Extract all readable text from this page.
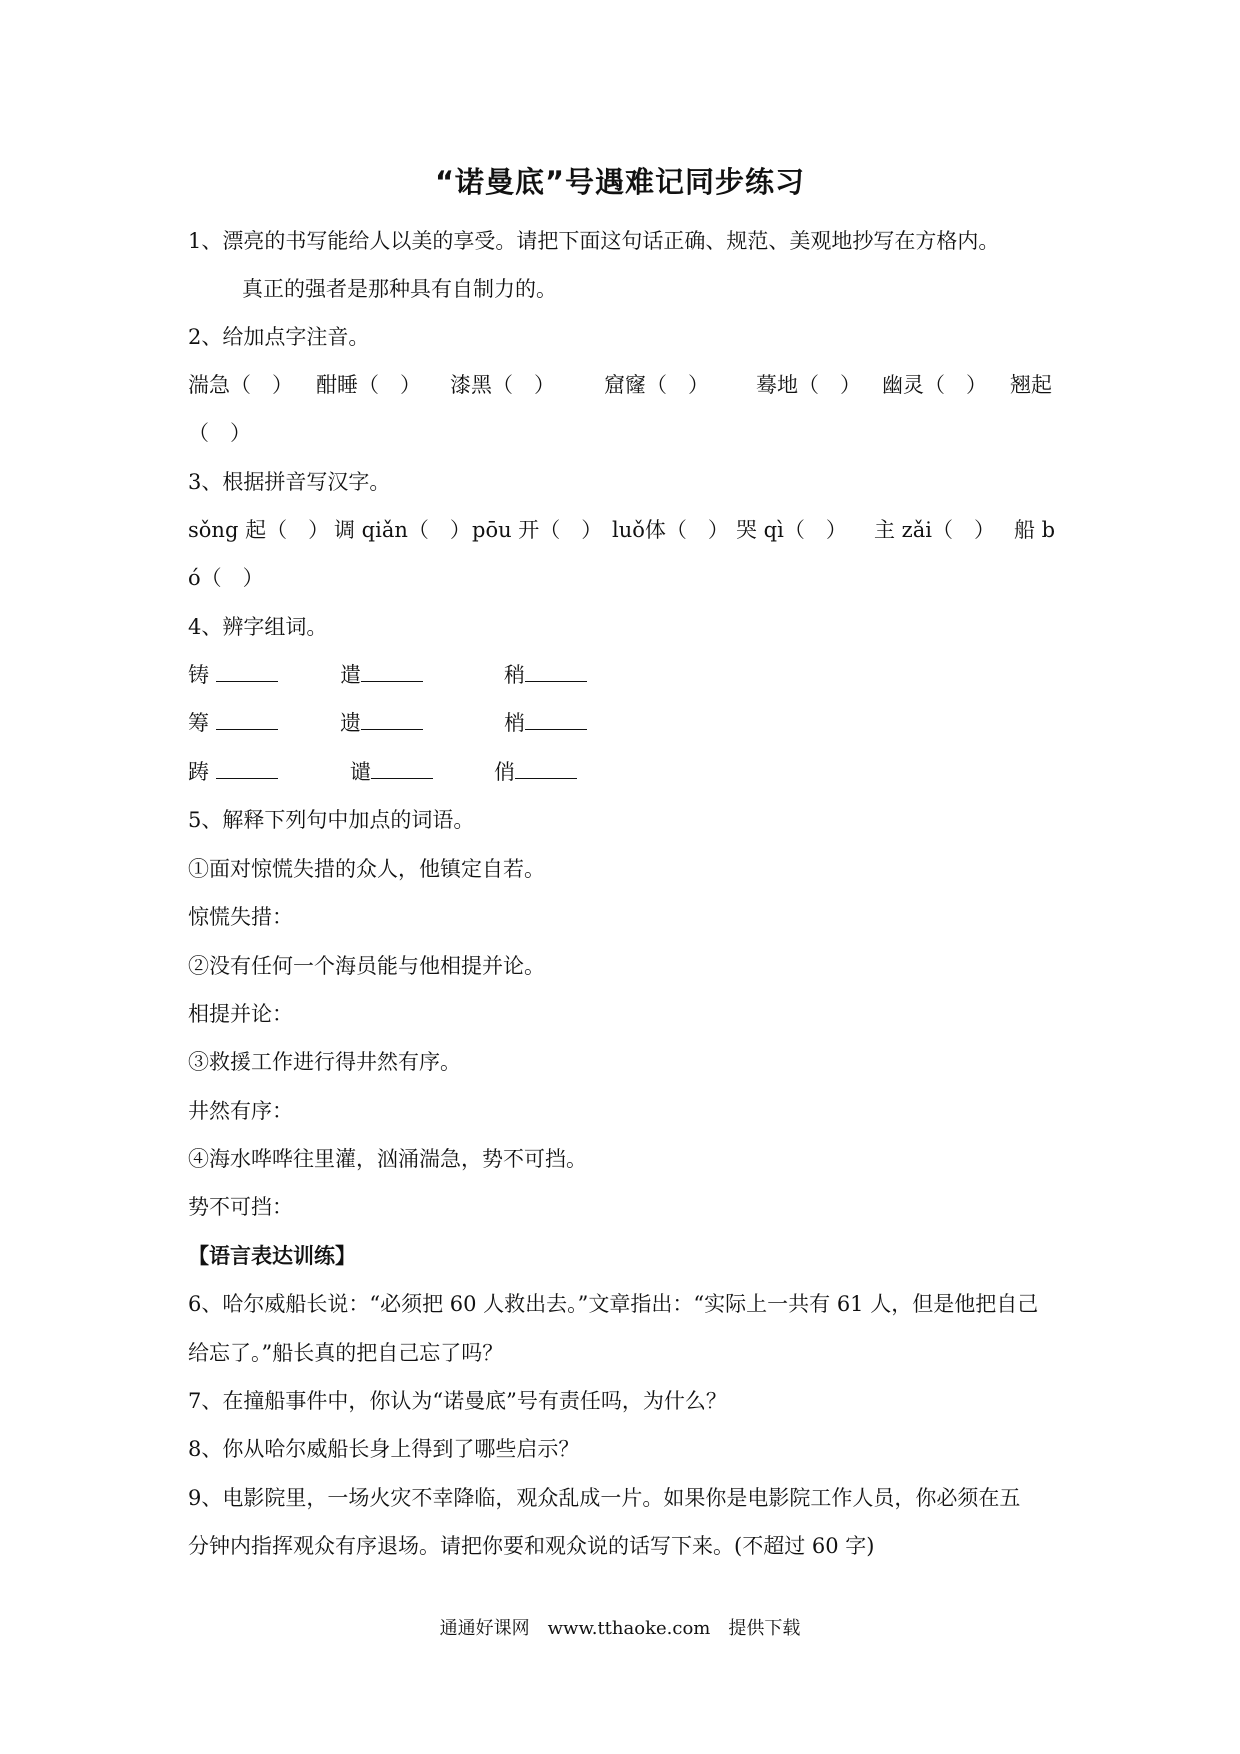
“诺曼底”号遇难记同步练习
1、漂亮的书写能给人以美的享受。请把下面这句话正确、规范、美观地抄写在方格内。
真正的强者是那种具有自制力的。
2、给加点字注音。
湍急（　） 酣睡（　） 漆黑（　） 窟窿（　） 蓦地（　） 幽灵（　） 翘起
（　）
3、根据拼音写汉字。
sǒng 起（　） 调 qiǎn（　） pōu 开（　） luǒ体（　） 哭 qì（　） 主 zǎi（　） 船 b
ó（　）
4、辨字组词。
铸	遣	稍
筹	遗	梢
踌	谴	俏
5、解释下列句中加点的词语。
①面对惊慌失措的众人，他镇定自若。
惊慌失措：
②没有任何一个海员能与他相提并论。
相提并论：
③救援工作进行得井然有序。
井然有序：
④海水哗哗往里灌，汹涌湍急，势不可挡。
势不可挡：
【语言表达训练】
6、哈尔威船长说：“必须把 60 人救出去。”文章指出：“实际上一共有 61 人，但是他把自己
给忘了。”船长真的把自己忘了吗？
7、在撞船事件中，你认为“诺曼底”号有责任吗，为什么？
8、你从哈尔威船长身上得到了哪些启示？
9、电影院里，一场火灾不幸降临，观众乱成一片。如果你是电影院工作人员，你必须在五
分钟内指挥观众有序退场。请把你要和观众说的话写下来。(不超过 60 字)
通通好课网　www.tthaoke.com　提供下载
